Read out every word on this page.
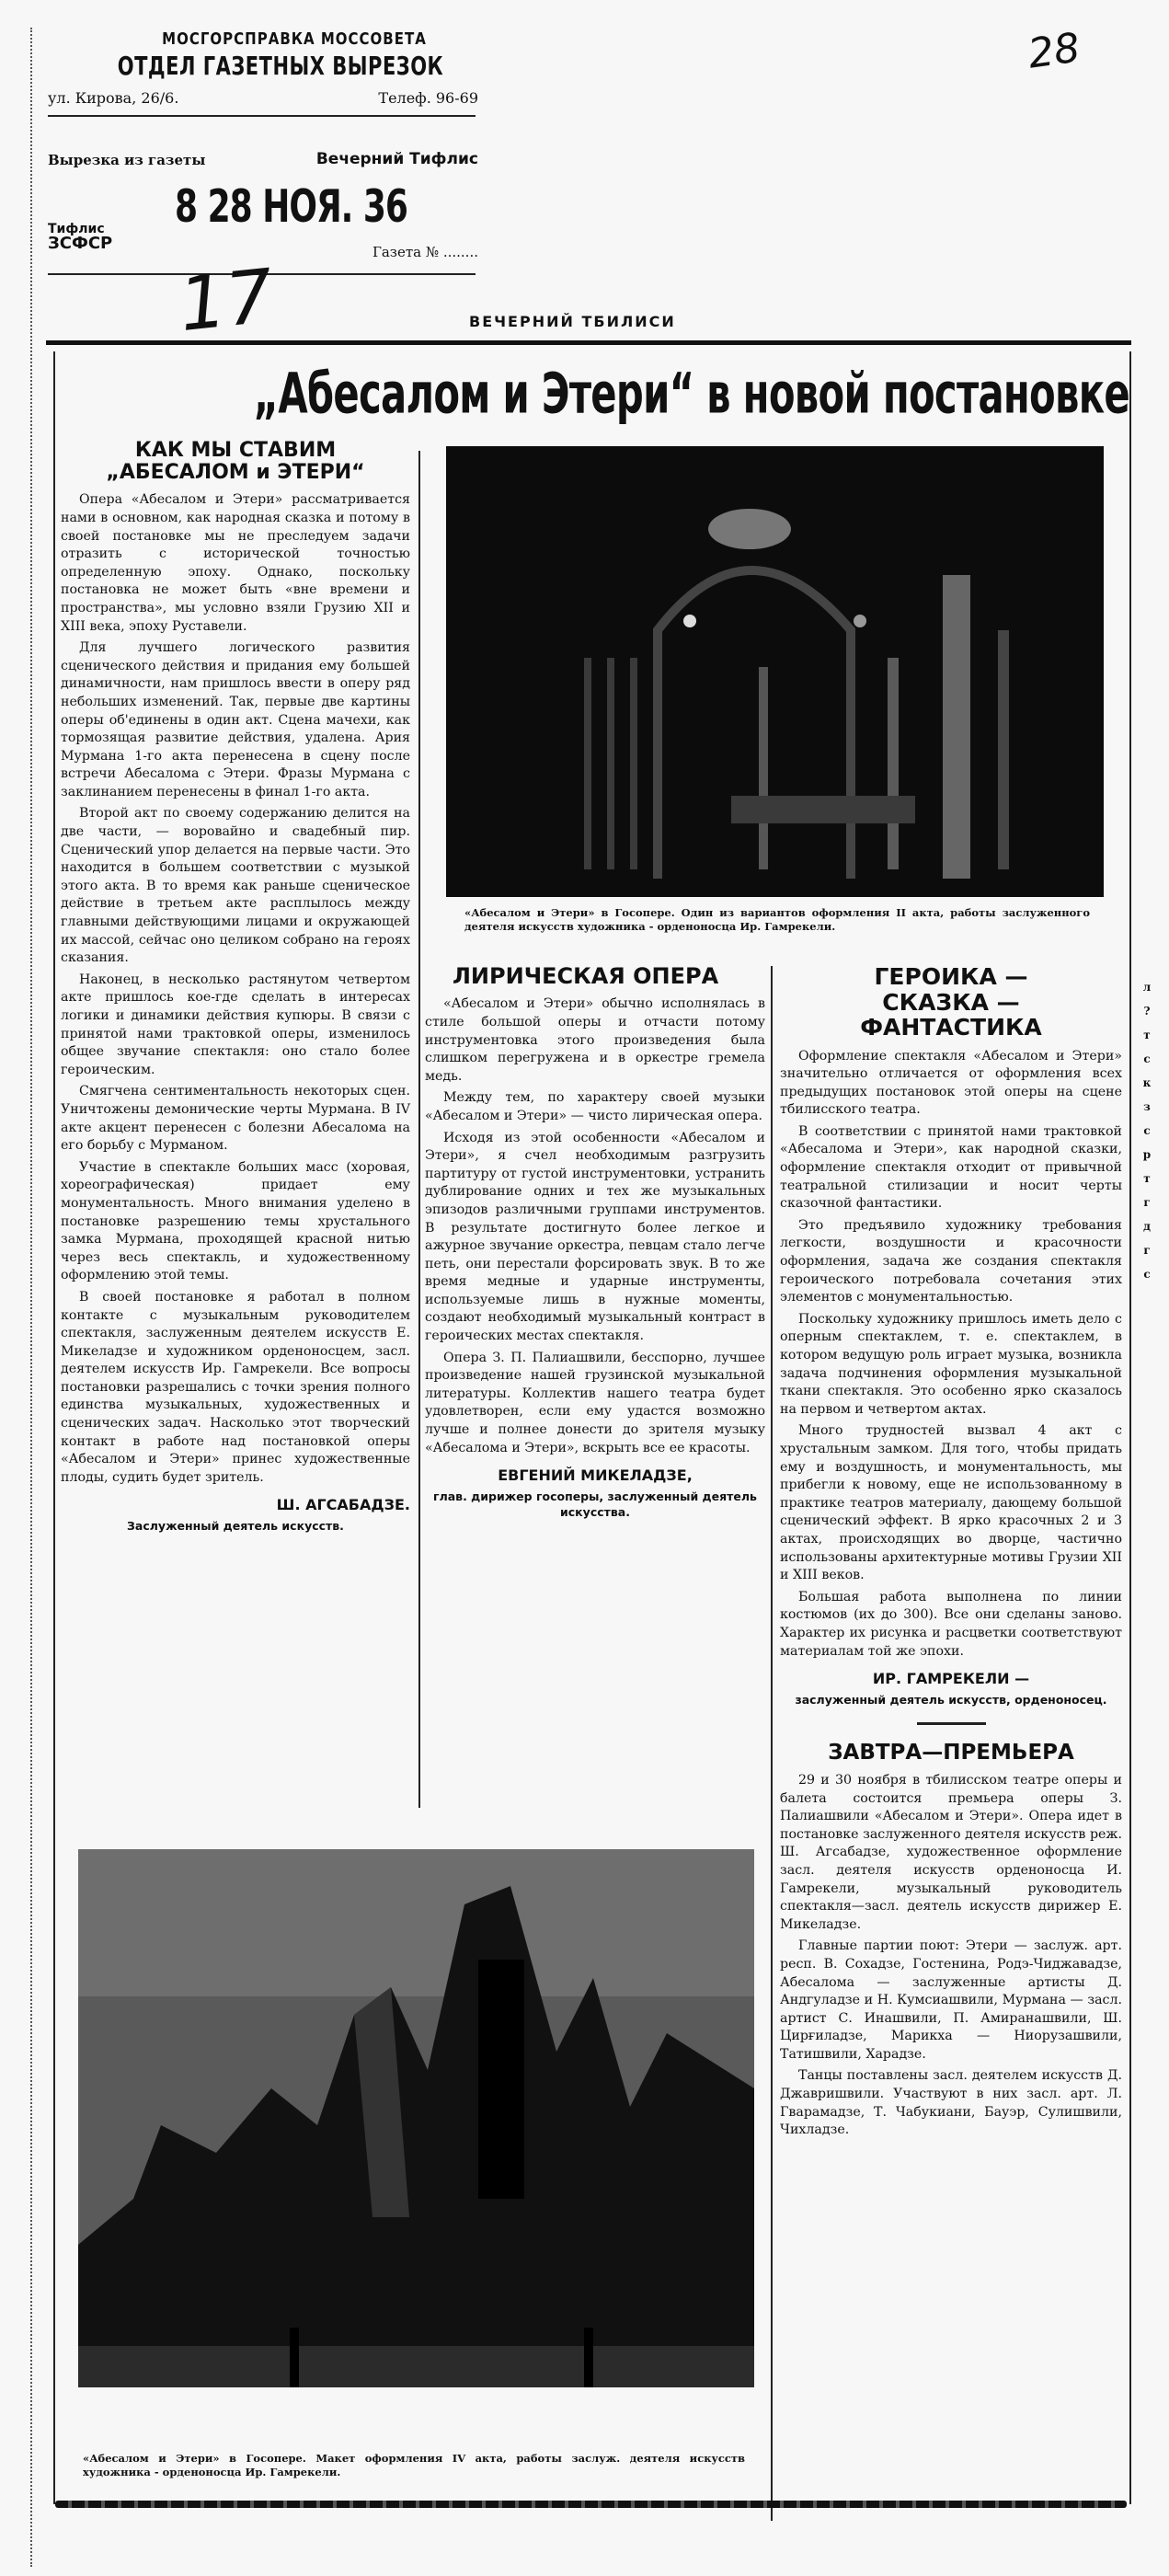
МОСГОРСПРАВКА МОССОВЕТА
ОТДЕЛ ГАЗЕТНЫХ ВЫРЕЗОК
ул. Кирова, 26/6.	Телеф. 96-69
Вырезка из газеты	Вечерний Тифлис
8 28 НОЯ. 36
Тифлис
ЗСФСР	Газета № ........
28
17	ВЕЧЕРНИЙ ТБИЛИСИ
„Абесалом и Этери“ в новой постановке
КАК МЫ СТАВИМ
„АБЕСАЛОМ и ЭТЕРИ“

Опера «Абесалом и Этери» рассматривается нами в основном, как народная сказка и потому в своей постановке мы не преследуем задачи отразить с исторической точностью определенную эпоху. Однако, поскольку постановка не может быть «вне времени и пространства», мы условно взяли Грузию XII и XIII века, эпоху Руставели.

Для лучшего логического развития сценического действия и придания ему большей динамичности, нам пришлось ввести в оперу ряд небольших изменений. Так, первые две картины оперы об'единены в один акт. Сцена мачехи, как тормозящая развитие действия, удалена. Ария Мурмана 1-го акта перенесена в сцену после встречи Абесалома с Этери. Фразы Мурмана с заклинанием перенесены в финал 1-го акта.

Второй акт по своему содержанию делится на две части, — воровайно и свадебный пир. Сценический упор делается на первые части. Это находится в большем соответствии с музыкой этого акта. В то время как раньше сценическое действие в третьем акте расплылось между главными действующими лицами и окружающей их массой, сейчас оно целиком собрано на героях сказания.

Наконец, в несколько растянутом четвертом акте пришлось кое-где сделать в интересах логики и динамики действия купюры. В связи с принятой нами трактовкой оперы, изменилось общее звучание спектакля: оно стало более героическим.

Смягчена сентиментальность некоторых сцен. Уничтожены демонические черты Мурмана. В IV акте акцент перенесен с болезни Абесалома на его борьбу с Мурманом.

Участие в спектакле больших масс (хоровая, хореографическая) придает ему монументальность. Много внимания уделено в постановке разрешению темы хрустального замка Мурмана, проходящей красной нитью через весь спектакль, и художественному оформлению этой темы.

В своей постановке я работал в полном контакте с музыкальным руководителем спектакля, заслуженным деятелем искусств Е. Микеладзе и художником орденоносцем, засл. деятелем искусств Ир. Гамрекели. Все вопросы постановки разрешались с точки зрения полного единства музыкальных, художественных и сценических задач. Насколько этот творческий контакт в работе над постановкой оперы «Абесалом и Этери» принес художественные плоды, судить будет зритель.

Ш. АГСАБАДЗЕ.
Заслуженный деятель искусств.
«Абесалом и Этери» в Госопере. Один из вариантов оформления II акта, работы заслуженного деятеля искусств художника - орденоносца Ир. Гамрекели.
ЛИРИЧЕСКАЯ ОПЕРА

«Абесалом и Этери» обычно исполнялась в стиле большой оперы и отчасти потому инструментовка этого произведения была слишком перегружена и в оркестре гремела медь.

Между тем, по характеру своей музыки «Абесалом и Этери» — чисто лирическая опера.

Исходя из этой особенности «Абесалом и Этери», я счел необходимым разгрузить партитуру от густой инструментовки, устранить дублирование одних и тех же музыкальных эпизодов различными группами инструментов. В результате достигнуто более легкое и ажурное звучание оркестра, певцам стало легче петь, они перестали форсировать звук. В то же время медные и ударные инструменты, используемые лишь в нужные моменты, создают необходимый музыкальный контраст в героических местах спектакля.

Опера З. П. Палиашвили, бесспорно, лучшее произведение нашей грузинской музыкальной литературы. Коллектив нашего театра будет удовлетворен, если ему удастся возможно лучше и полнее донести до зрителя музыку «Абесалома и Этери», вскрыть все ее красоты.

ЕВГЕНИЙ МИКЕЛАДЗЕ,
глав. дирижер госоперы, заслуженный деятель искусства.
ГЕРОИКА —
СКАЗКА —
ФАНТАСТИКА

Оформление спектакля «Абесалом и Этери» значительно отличается от оформления всех предыдущих постановок этой оперы на сцене тбилисского театра.

В соответствии с принятой нами трактовкой «Абесалома и Этери», как народной сказки, оформление спектакля отходит от привычной театральной стилизации и носит черты сказочной фантастики.

Это предъявило художнику требования легкости, воздушности и красочности оформления, задача же создания спектакля героического потребовала сочетания этих элементов с монументальностью.

Поскольку художнику пришлось иметь дело с оперным спектаклем, т. е. спектаклем, в котором ведущую роль играет музыка, возникла задача подчинения оформления музыкальной ткани спектакля. Это особенно ярко сказалось на первом и четвертом актах.

Много трудностей вызвал 4 акт с хрустальным замком. Для того, чтобы придать ему и воздушность, и монументальность, мы прибегли к новому, еще не использованному в практике театров материалу, дающему большой сценический эффект. В ярко красочных 2 и 3 актах, происходящих во дворце, частично использованы архитектурные мотивы Грузии XII и XIII веков.

Большая работа выполнена по линии костюмов (их до 300). Все они сделаны заново. Характер их рисунка и расцветки соответствуют материалам той же эпохи.

ИР. ГАМРЕКЕЛИ —
заслуженный деятель искусств, орденоносец.
ЗАВТРА—ПРЕМЬЕРА

29 и 30 ноября в тбилисском театре оперы и балета состоится премьера оперы З. Палиашвили «Абесалом и Этери». Опера идет в постановке заслуженного деятеля искусств реж. Ш. Агсабадзе, художественное оформление засл. деятеля искусств орденоносца И. Гамрекели, музыкальный руководитель спектакля—засл. деятель искусств дирижер Е. Микеладзе.

Главные партии поют: Этери — заслуж. арт. респ. В. Сохадзе, Гостенина, Родэ-Чиджавадзе, Абесалома — заслуженные артисты Д. Андгуладзе и Н. Кумсиашвили, Мурмана — засл. артист С. Инашвили, П. Амиранашвили, Ш. Цирғиладзе, Марикха — Ниорузашвили, Татишвили, Харадзе.

Танцы поставлены засл. деятелем искусств Д. Джавришвили. Участвуют в них засл. арт. Л. Гварамадзе, Т. Чабукиани, Бауэр, Сулишвили, Чихладзе.

л
?
т
с
к
з
с
р
т
г
д
г
с
«Абесалом и Этери» в Госопере. Макет оформления IV акта, работы заслуж. деятеля искусств художника - орденоносца Ир. Гамрекели.
